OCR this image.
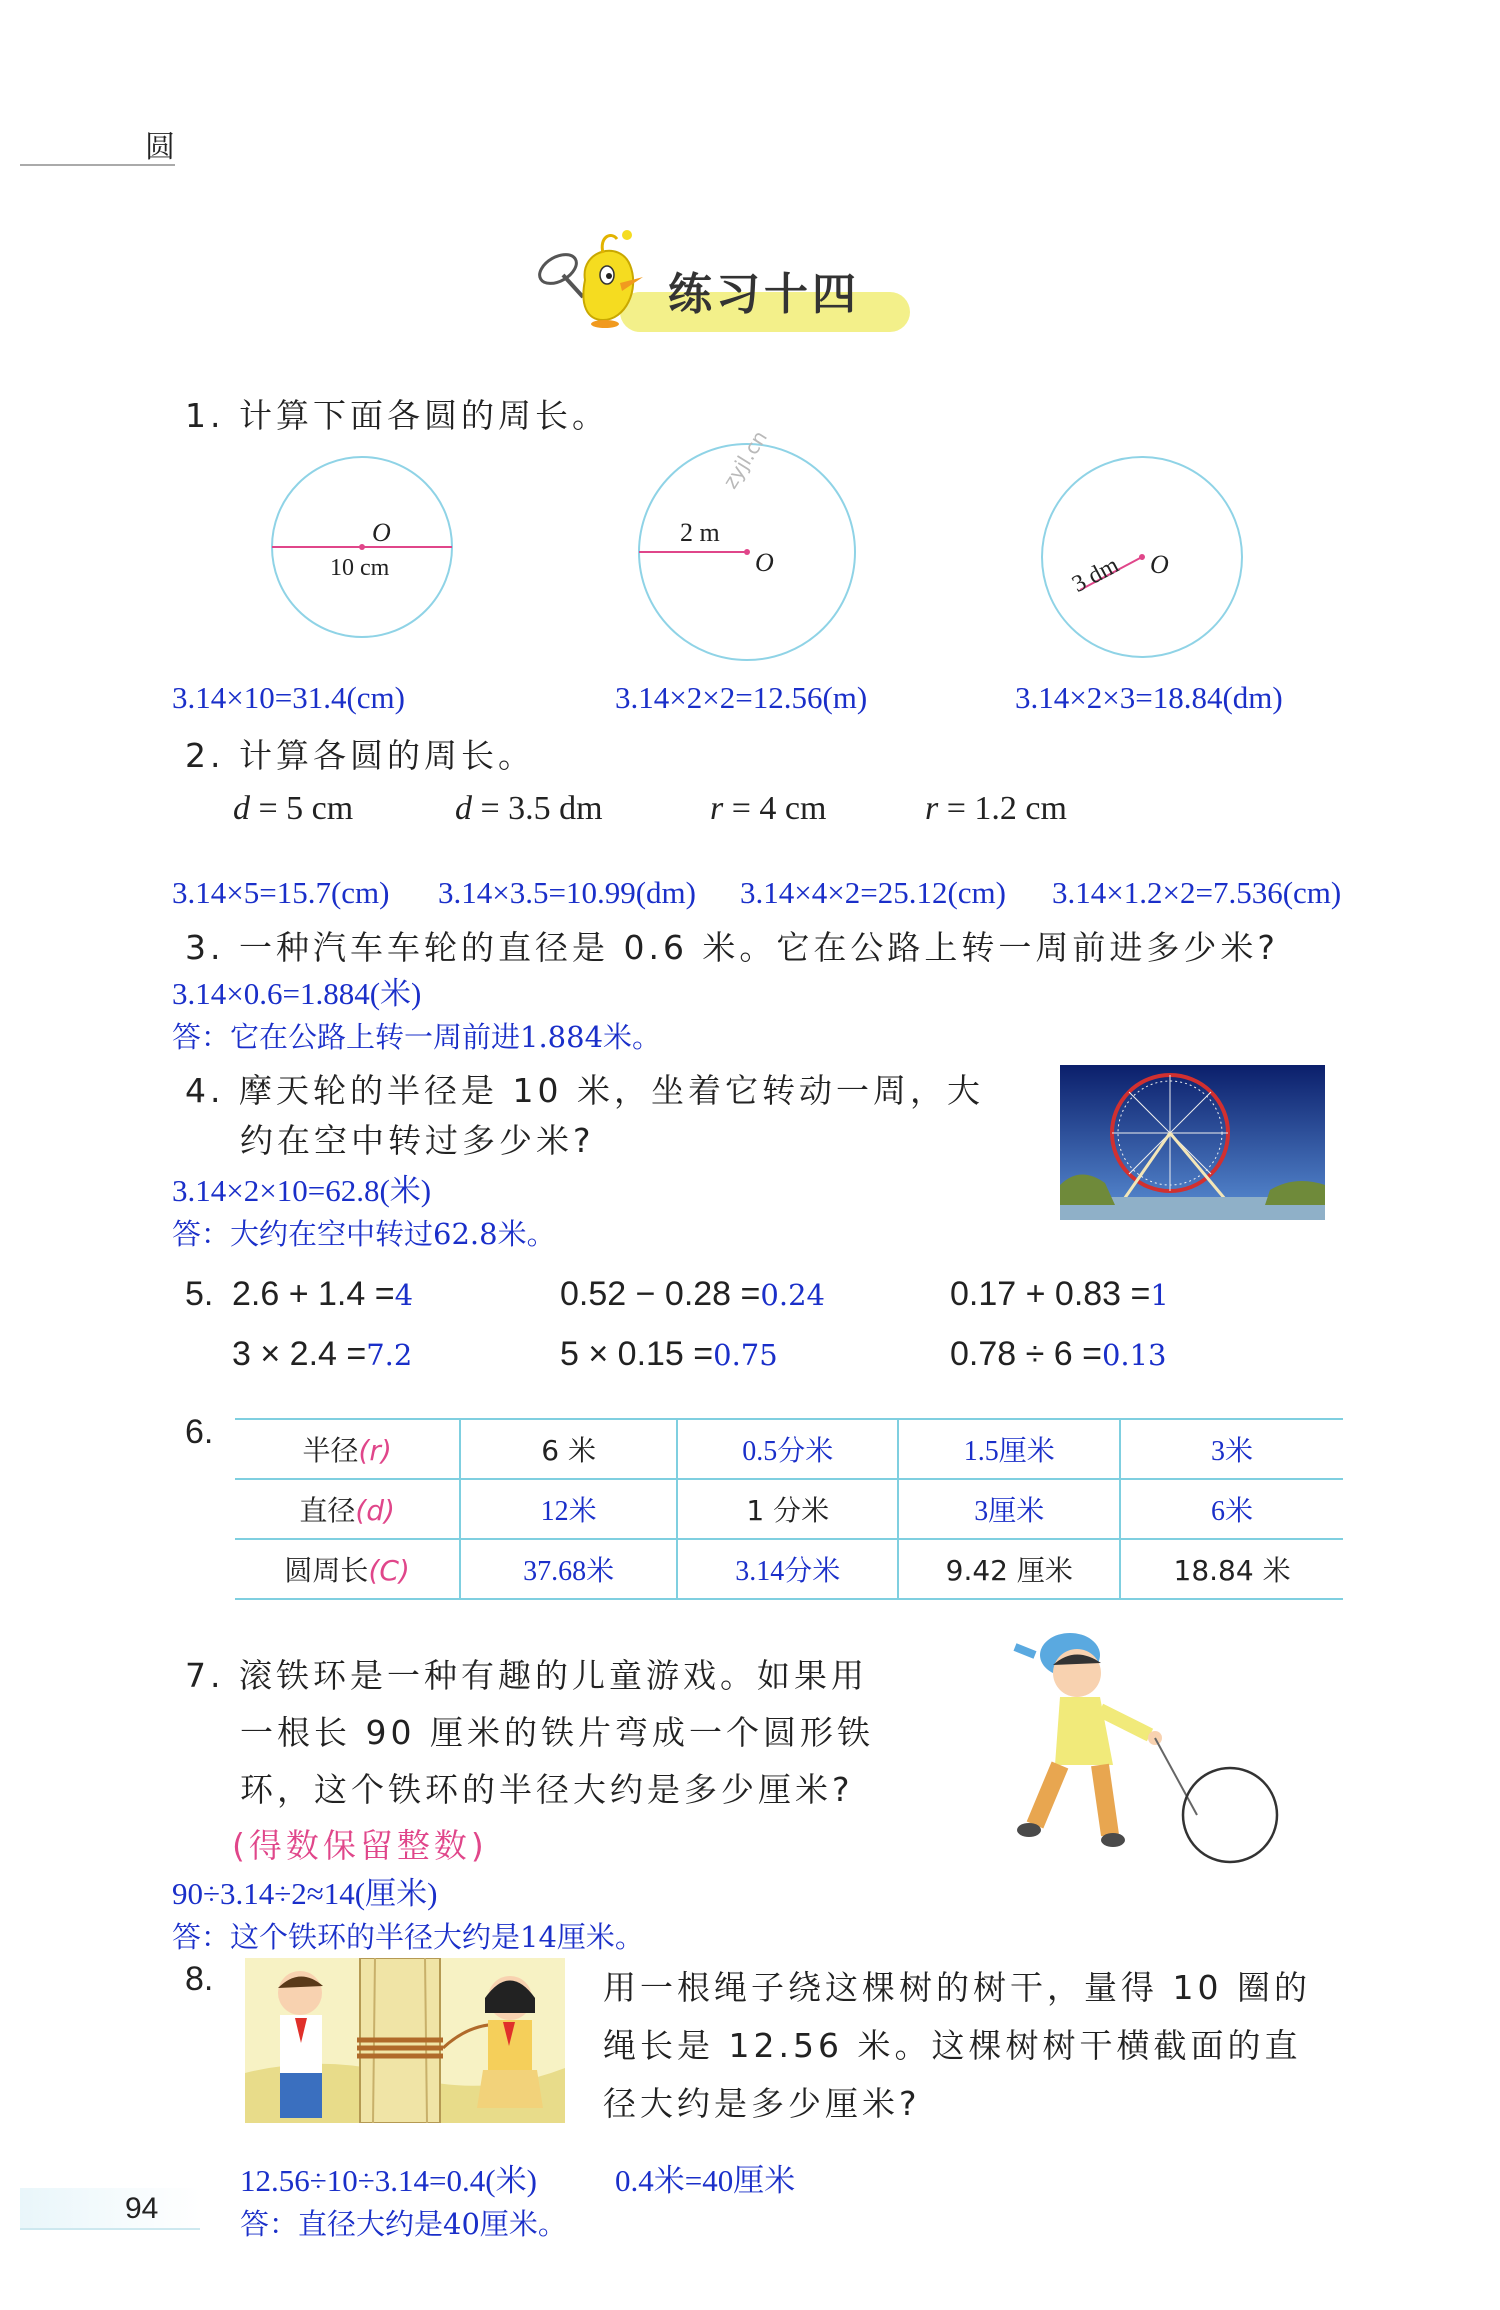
圆
练习十四
1. 计算下面各圆的周长。
O
10 cm
2 m
O
zyjl.cn
3 dm O
3.14×10=31.4(cm)	3.14×2×2=12.56(m)	3.14×2×3=18.84(dm)
2. 计算各圆的周长。
d = 5 cm	d = 3.5 dm	r = 4 cm	r = 1.2 cm
3.14×5=15.7(cm) 3.14×3.5=10.99(dm) 3.14×4×2=25.12(cm) 3.14×1.2×2=7.536(cm)
3. 一种汽车车轮的直径是 0.6 米。它在公路上转一周前进多少米?
3.14×0.6=1.884(米)
答：它在公路上转一周前进1.884米。
4. 摩天轮的半径是 10 米，坐着它转动一周，大
约在空中转过多少米?
3.14×2×10=62.8(米)
答：大约在空中转过62.8米。
5. 2.6 + 1.4 =4	0.52 − 0.28 =0.24	0.17 + 0.83 =1
3 × 2.4 =7.2	5 × 0.15 =0.75	0.78 ÷ 6 =0.13
6.	半径(r)	6 米	0.5分米	1.5厘米	3米
直径(d)	12米	1 分米	3厘米	6米
圆周长(C)	37.68米	3.14分米	9.42 厘米	18.84 米
7. 滚铁环是一种有趣的儿童游戏。如果用
一根长 90 厘米的铁片弯成一个圆形铁
环，这个铁环的半径大约是多少厘米?
(得数保留整数)
90÷3.14÷2≈14(厘米)
答：这个铁环的半径大约是14厘米。
8.	用一根绳子绕这棵树的树干，量得 10 圈的
绳长是 12.56 米。这棵树树干横截面的直
径大约是多少厘米?
12.56÷10÷3.14=0.4(米)	0.4米=40厘米
答：直径大约是40厘米。
94
